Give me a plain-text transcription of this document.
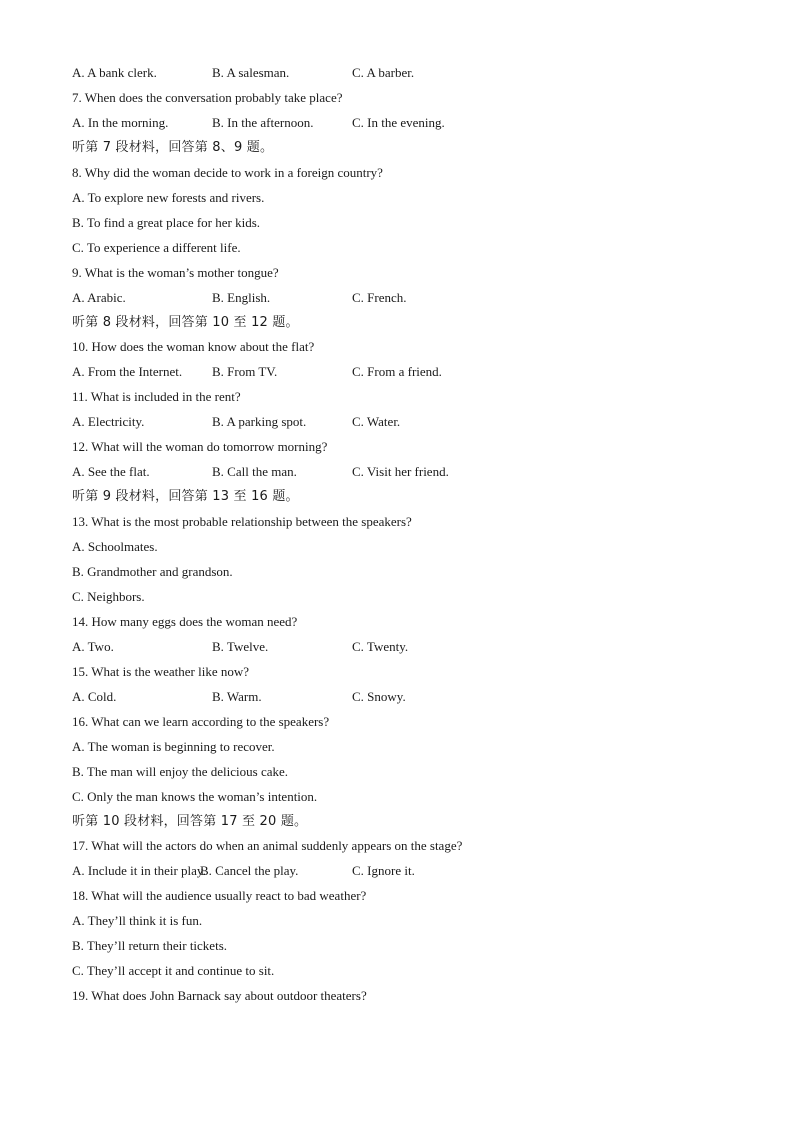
A. A bank clerk.	B. A salesman.	C. A barber.
7. When does the conversation probably take place?
A. In the morning.	B. In the afternoon.	C. In the evening.
听第 7 段材料，回答第 8、9 题。
8. Why did the woman decide to work in a foreign country?
A. To explore new forests and rivers.
B. To find a great place for her kids.
C. To experience a different life.
9. What is the woman’s mother tongue?
A. Arabic.	B. English.	C. French.
听第 8 段材料，回答第 10 至 12 题。
10. How does the woman know about the flat?
A. From the Internet. B. From TV.	C. From a friend.
11. What is included in the rent?
A. Electricity.	B. A parking spot.	C. Water.
12. What will the woman do tomorrow morning?
A. See the flat.	B. Call the man.	C. Visit her friend.
听第 9 段材料，回答第 13 至 16 题。
13. What is the most probable relationship between the speakers?
A. Schoolmates.
B. Grandmother and grandson.
C. Neighbors.
14. How many eggs does the woman need?
A. Two.	B. Twelve.	C. Twenty.
15. What is the weather like now?
A. Cold.	B. Warm.	C. Snowy.
16. What can we learn according to the speakers?
A. The woman is beginning to recover.
B. The man will enjoy the delicious cake.
C. Only the man knows the woman’s intention.
听第 10 段材料，回答第 17 至 20 题。
17. What will the actors do when an animal suddenly appears on the stage?
A. Include it in their play.
B. Cancel the play.	C. Ignore it.
18. What will the audience usually react to bad weather?
A. They’ll think it is fun.
B. They’ll return their tickets.
C. They’ll accept it and continue to sit.
19. What does John Barnack say about outdoor theaters?
